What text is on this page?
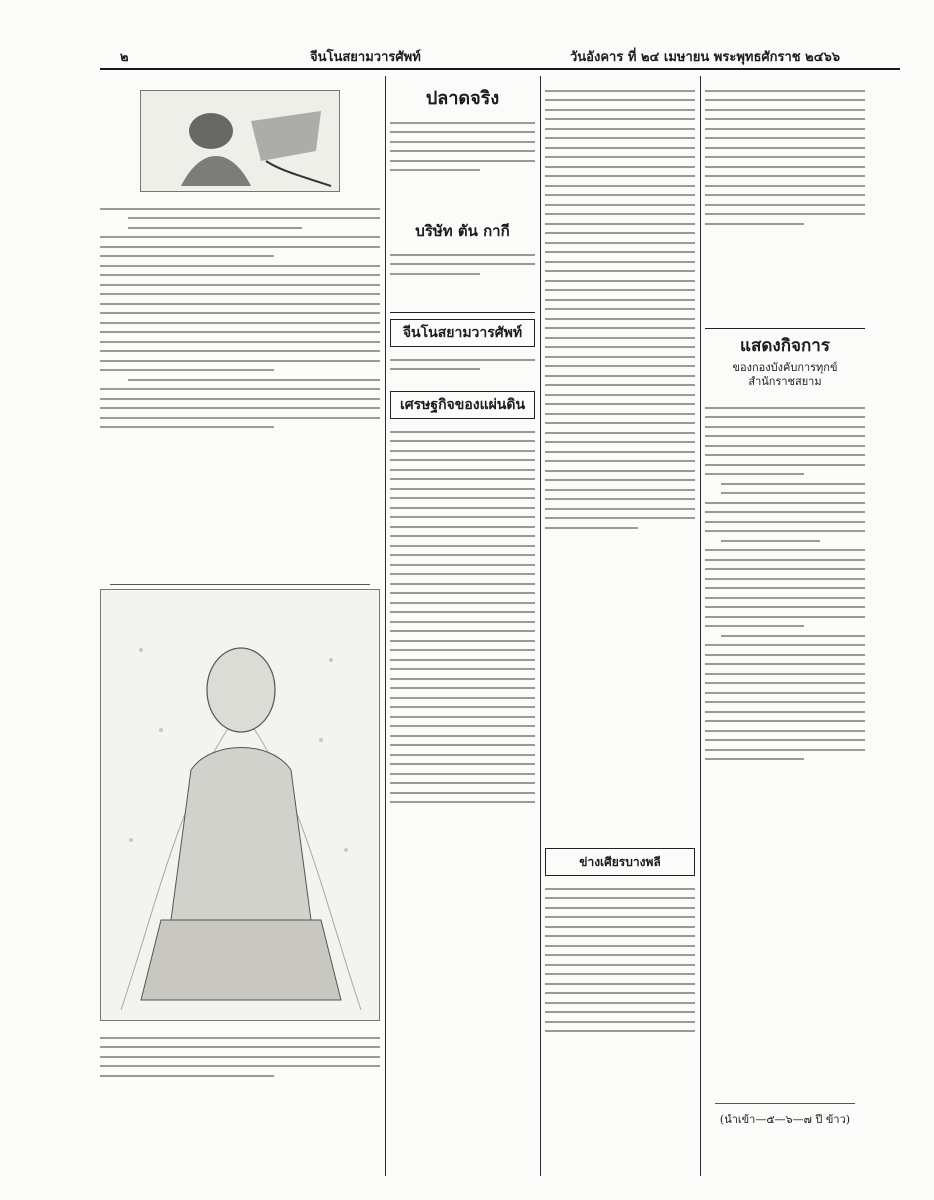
๒	จีนโนสยามวารศัพท์	วันอังคาร ที่ ๒๔ เมษายน พระพุทธศักราช ๒๔๖๖
ปลาดจริง
บริษัท ตัน กากี
จีนโนสยามวารศัพท์
เศรษฐกิจของแผ่นดิน
ข่างเศียรบางพลี
แสดงกิจการ
ของกองบังคับการทุกข์
สำนักราชสยาม
(นำเข้า—๕—๖—๗ ปี ข้าว)
